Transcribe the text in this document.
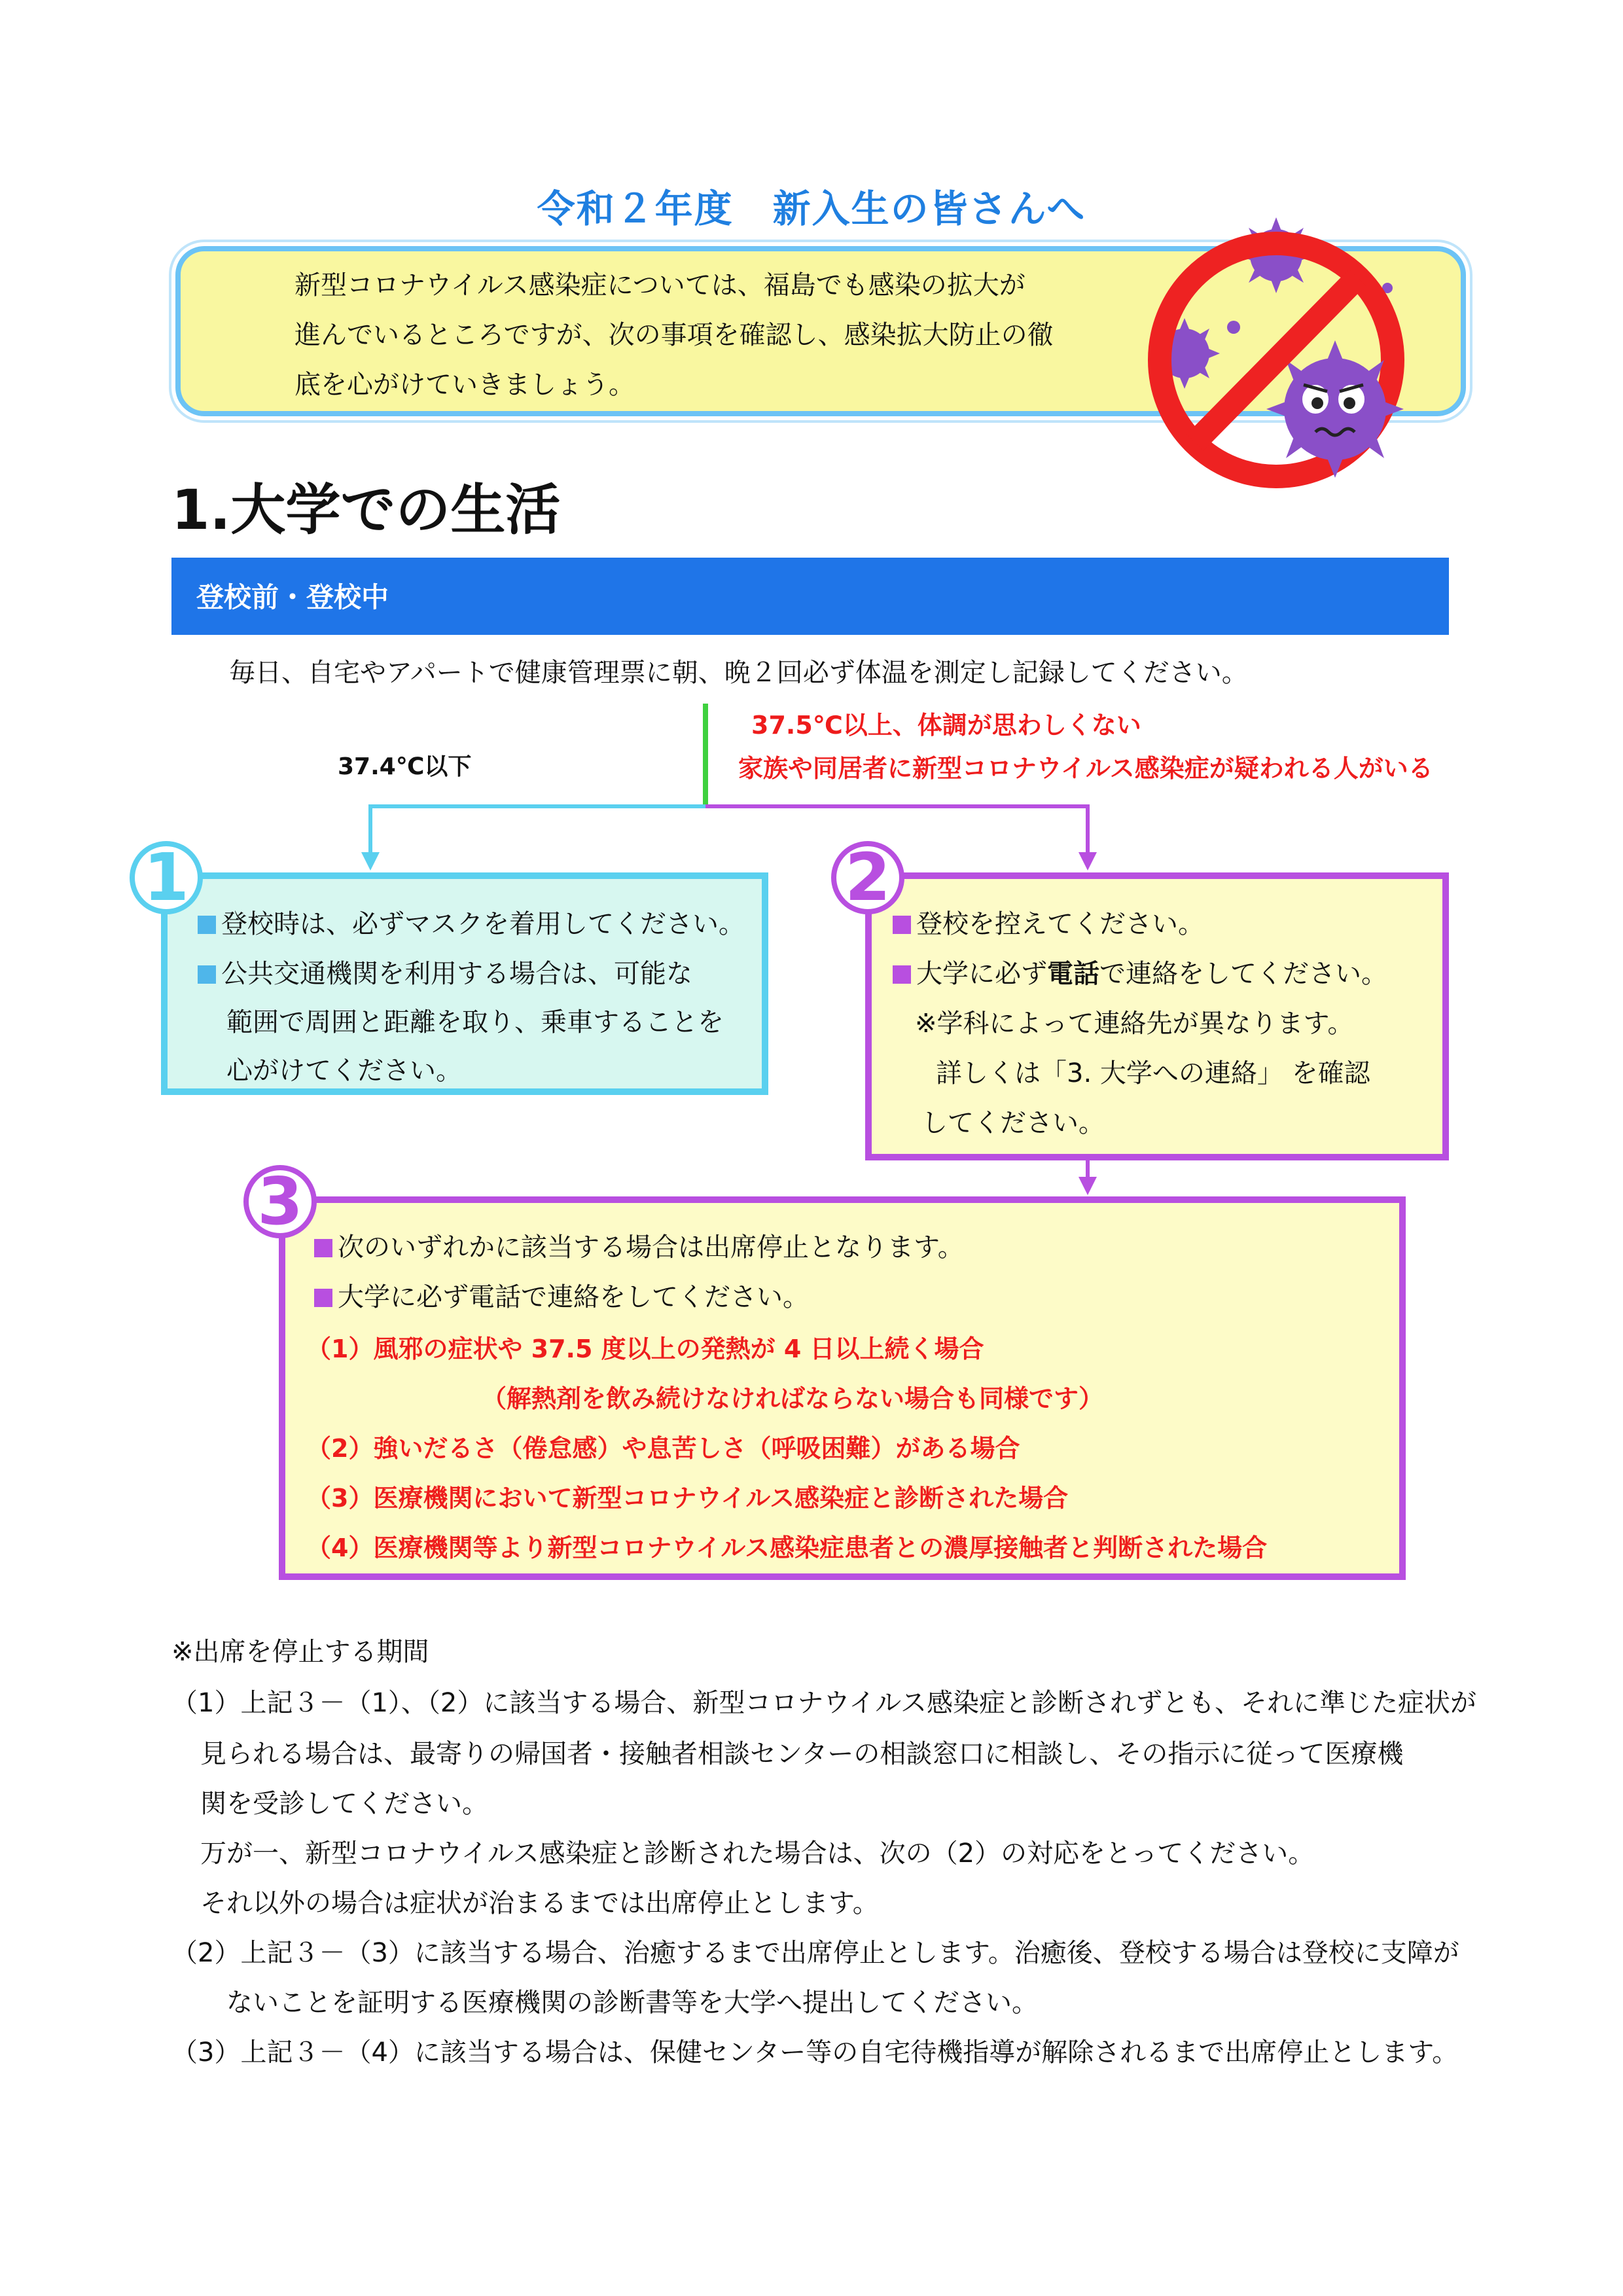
令和２年度　新入生の皆さんへ
新型コロナウイルス感染症については、福島でも感染の拡大が
進んでいるところですが、次の事項を確認し、感染拡大防止の徹
底を心がけていきましょう。
1.大学での生活
登校前・登校中
毎日、自宅やアパートで健康管理票に朝、晩２回必ず体温を測定し記録してください。
37.5℃以上、体調が思わしくない
家族や同居者に新型コロナウイルス感染症が疑われる人がいる
37.4℃以下
1
登校時は、必ずマスクを着用してください。
公共交通機関を利用する場合は、可能な
範囲で周囲と距離を取り、乗車することを
心がけてください。
2
登校を控えてください。
大学に必ず電話で連絡をしてください。
※学科によって連絡先が異なります。
詳しくは「3. 大学への連絡」 を確認
してください。
3
次のいずれかに該当する場合は出席停止となります。
大学に必ず電話で連絡をしてください。
（1）風邪の症状や 37.5 度以上の発熱が 4 日以上続く場合
（解熱剤を飲み続けなければならない場合も同様です）
（2）強いだるさ（倦怠感）や息苦しさ（呼吸困難）がある場合
（3）医療機関において新型コロナウイルス感染症と診断された場合
（4）医療機関等より新型コロナウイルス感染症患者との濃厚接触者と判断された場合
※出席を停止する期間
（1）上記３－（1）、（2）に該当する場合、新型コロナウイルス感染症と診断されずとも、それに準じた症状が
見られる場合は、最寄りの帰国者・接触者相談センターの相談窓口に相談し、その指示に従って医療機
関を受診してください。
万が一、新型コロナウイルス感染症と診断された場合は、次の（2）の対応をとってください。
それ以外の場合は症状が治まるまでは出席停止とします。
（2）上記３－（3）に該当する場合、治癒するまで出席停止とします。治癒後、登校する場合は登校に支障が
ないことを証明する医療機関の診断書等を大学へ提出してください。
（3）上記３－（4）に該当する場合は、保健センター等の自宅待機指導が解除されるまで出席停止とします。
